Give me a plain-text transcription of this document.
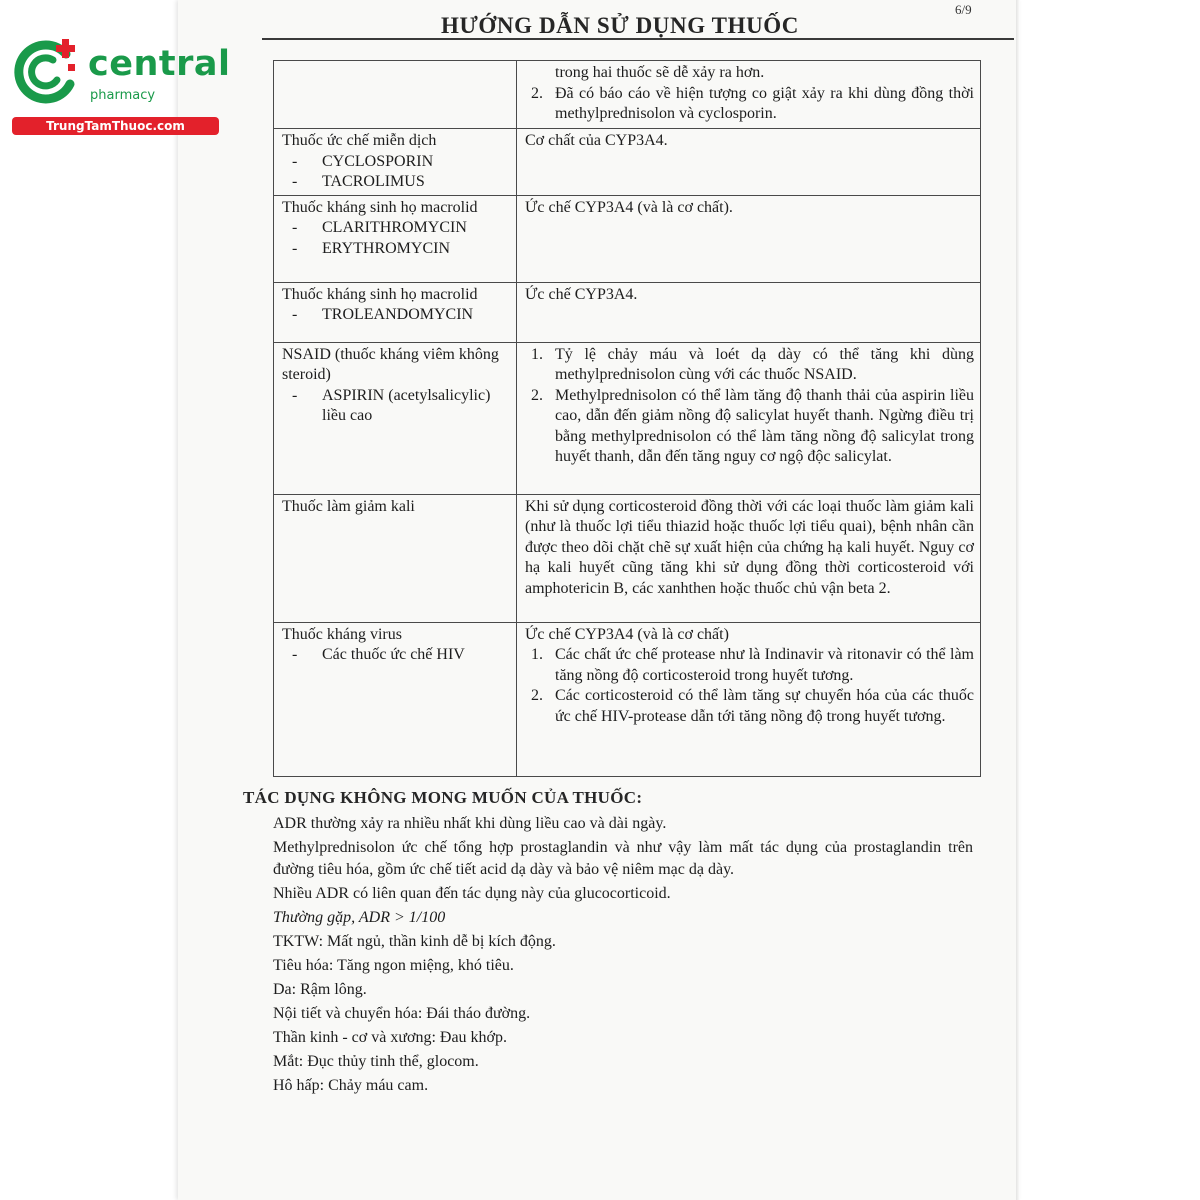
central
pharmacy
TrungTamThuoc.com
HƯỚNG DẪN SỬ DỤNG THUỐC
6/9

	trong hai thuốc sẽ dễ xảy ra hơn.

2. Đã có báo cáo về hiện tượng co giật xảy ra khi dùng đồng thời methylprednisolon và cyclosporin.

Thuốc ức chế miễn dịch

- CYCLOSPORIN
- TACROLIMUS	Cơ chất của CYP3A4.

Thuốc kháng sinh họ macrolid

- CLARITHROMYCIN
- ERYTHROMYCIN	Ức chế CYP3A4 (và là cơ chất).

Thuốc kháng sinh họ macrolid

- TROLEANDOMYCIN	Ức chế CYP3A4.

NSAID (thuốc kháng viêm không steroid)

- ASPIRIN (acetylsalicylic) liều cao	1. Tỷ lệ chảy máu và loét dạ dày có thể tăng khi dùng methylprednisolon cùng với các thuốc NSAID.
2. Methylprednisolon có thể làm tăng độ thanh thải của aspirin liều cao, dẫn đến giảm nồng độ salicylat huyết thanh. Ngừng điều trị bằng methylprednisolon có thể làm tăng nồng độ salicylat trong huyết thanh, dẫn đến tăng nguy cơ ngộ độc salicylat.

Thuốc làm giảm kali	Khi sử dụng corticosteroid đồng thời với các loại thuốc làm giảm kali (như là thuốc lợi tiểu thiazid hoặc thuốc lợi tiểu quai), bệnh nhân cần được theo dõi chặt chẽ sự xuất hiện của chứng hạ kali huyết. Nguy cơ hạ kali huyết cũng tăng khi sử dụng đồng thời corticosteroid với amphotericin B, các xanhthen hoặc thuốc chủ vận beta 2.

Thuốc kháng virus

- Các thuốc ức chế HIV	Ức chế CYP3A4 (và là cơ chất)

1. Các chất ức chế protease như là Indinavir và ritonavir có thể làm tăng nồng độ corticosteroid trong huyết tương.
2. Các corticosteroid có thể làm tăng sự chuyển hóa của các thuốc ức chế HIV-protease dẫn tới tăng nồng độ trong huyết tương.
TÁC DỤNG KHÔNG MONG MUỐN CỦA THUỐC:

ADR thường xảy ra nhiều nhất khi dùng liều cao và dài ngày.

Methylprednisolon ức chế tổng hợp prostaglandin và như vậy làm mất tác dụng của prostaglandin trên đường tiêu hóa, gồm ức chế tiết acid dạ dày và bảo vệ niêm mạc dạ dày.

Nhiều ADR có liên quan đến tác dụng này của glucocorticoid.

Thường gặp, ADR > 1/100

TKTW: Mất ngủ, thần kinh dễ bị kích động.

Tiêu hóa: Tăng ngon miệng, khó tiêu.

Da: Rậm lông.

Nội tiết và chuyển hóa: Đái tháo đường.

Thần kinh - cơ và xương: Đau khớp.

Mắt: Đục thủy tinh thể, glocom.

Hô hấp: Chảy máu cam.
